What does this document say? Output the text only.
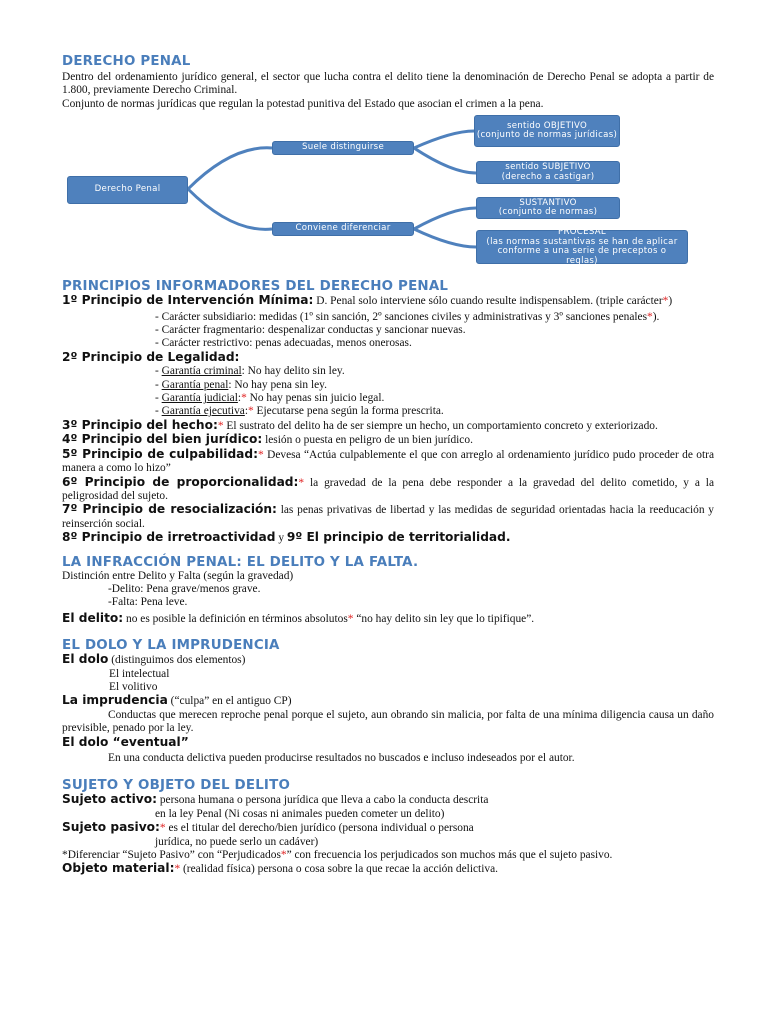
DERECHO PENAL

Dentro del ordenamiento jurídico general, el sector que lucha contra el delito tiene la denominación de Derecho Penal se adopta a partir de 1.800, previamente Derecho Criminal.

Conjunto de normas jurídicas que regulan la potestad punitiva del Estado que asocian el crimen a la pena.

Derecho Penal
Suele distinguirse
Conviene diferenciar
sentido OBJETIVO
(conjunto de normas jurídicas)
sentido SUBJETIVO
(derecho a castigar)
SUSTANTIVO
(conjunto de normas)
PROCESAL
(las normas sustantivas se han de aplicar conforme a una serie de preceptos o reglas)
PRINCIPIOS INFORMADORES DEL DERECHO PENAL

1º Principio de Intervención Mínima: D. Penal solo interviene sólo cuando resulte indispensablem. (triple carácter*)

- Carácter subsidiario: medidas (1º sin sanción, 2º sanciones civiles y administrativas y 3º sanciones penales*).

- Carácter fragmentario: despenalizar conductas y sancionar nuevas.

- Carácter restrictivo: penas adecuadas, menos onerosas.

2º Principio de Legalidad:

- Garantía criminal: No hay delito sin ley.

- Garantía penal: No hay pena sin ley.

- Garantía judicial:* No hay penas sin juicio legal.

- Garantía ejecutiva:* Ejecutarse pena según la forma prescrita.

3º Principio del hecho:* El sustrato del delito ha de ser siempre un hecho, un comportamiento concreto y exteriorizado.

4º Principio del bien jurídico: lesión o puesta en peligro de un bien jurídico.

5º Principio de culpabilidad:* Devesa “Actúa culpablemente el que con arreglo al ordenamiento jurídico pudo proceder de otra manera a como lo hizo”

6º Principio de proporcionalidad:* la gravedad de la pena debe responder a la gravedad del delito cometido, y a la peligrosidad del sujeto.

7º Principio de resocialización: las penas privativas de libertad y las medidas de seguridad orientadas hacia la reeducación y reinserción social.

8º Principio de irretroactividad y 9º El principio de territorialidad.

LA INFRACCIÓN PENAL: EL DELITO Y LA FALTA.

Distinción entre Delito y Falta (según la gravedad)

-Delito: Pena grave/menos grave.

-Falta: Pena leve.

El delito: no es posible la definición en términos absolutos* “no hay delito sin ley que lo tipifique”.

EL DOLO Y LA IMPRUDENCIA

El dolo (distinguimos dos elementos)

El intelectual

El volitivo

La imprudencia (“culpa” en el antiguo CP)

Conductas que merecen reproche penal porque el sujeto, aun obrando sin malicia, por falta de una mínima diligencia causa un daño previsible, penado por la ley.

El dolo “eventual”

En una conducta delictiva pueden producirse resultados no buscados e incluso indeseados por el autor.

SUJETO Y OBJETO DEL DELITO

Sujeto activo: persona humana o persona jurídica que lleva a cabo la conducta descrita

en la ley Penal (Ni cosas ni animales pueden cometer un delito)

Sujeto pasivo:* es el titular del derecho/bien jurídico (persona individual o persona

jurídica, no puede serlo un cadáver)

*Diferenciar “Sujeto Pasivo” con “Perjudicados*” con frecuencia los perjudicados son muchos más que el sujeto pasivo.

Objeto material:* (realidad física) persona o cosa sobre la que recae la acción delictiva.
